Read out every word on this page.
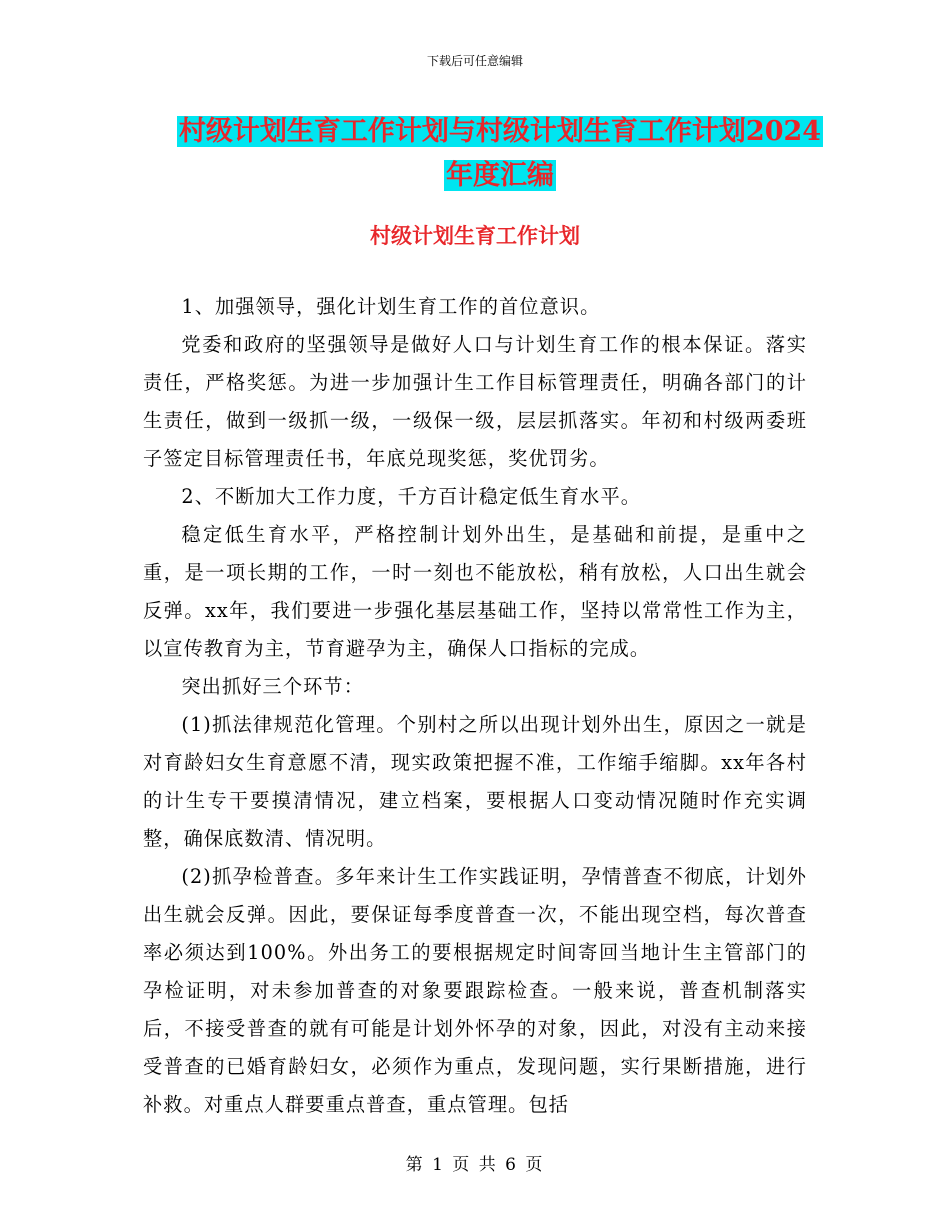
下载后可任意编辑
村级计划生育工作计划与村级计划生育工作计划2024
年度汇编
村级计划生育工作计划

1、加强领导，强化计划生育工作的首位意识。

党委和政府的坚强领导是做好人口与计划生育工作的根本保证。落实责任，严格奖惩。为进一步加强计生工作目标管理责任，明确各部门的计生责任，做到一级抓一级，一级保一级，层层抓落实。年初和村级两委班子签定目标管理责任书，年底兑现奖惩，奖优罚劣。

2、不断加大工作力度，千方百计稳定低生育水平。

稳定低生育水平，严格控制计划外出生，是基础和前提，是重中之重，是一项长期的工作，一时一刻也不能放松，稍有放松，人口出生就会反弹。xx年，我们要进一步强化基层基础工作，坚持以常常性工作为主，以宣传教育为主，节育避孕为主，确保人口指标的完成。

突出抓好三个环节：

(1)抓法律规范化管理。个别村之所以出现计划外出生，原因之一就是对育龄妇女生育意愿不清，现实政策把握不准，工作缩手缩脚。xx年各村的计生专干要摸清情况，建立档案，要根据人口变动情况随时作充实调整，确保底数清、情况明。

(2)抓孕检普查。多年来计生工作实践证明，孕情普查不彻底，计划外出生就会反弹。因此，要保证每季度普查一次，不能出现空档，每次普查率必须达到100%。外出务工的要根据规定时间寄回当地计生主管部门的孕检证明，对未参加普查的对象要跟踪检查。一般来说，普查机制落实后，不接受普查的就有可能是计划外怀孕的对象，因此，对没有主动来接受普查的已婚育龄妇女，必须作为重点，发现问题，实行果断措施，进行补救。对重点人群要重点普查，重点管理。包括

第 1 页 共 6 页
